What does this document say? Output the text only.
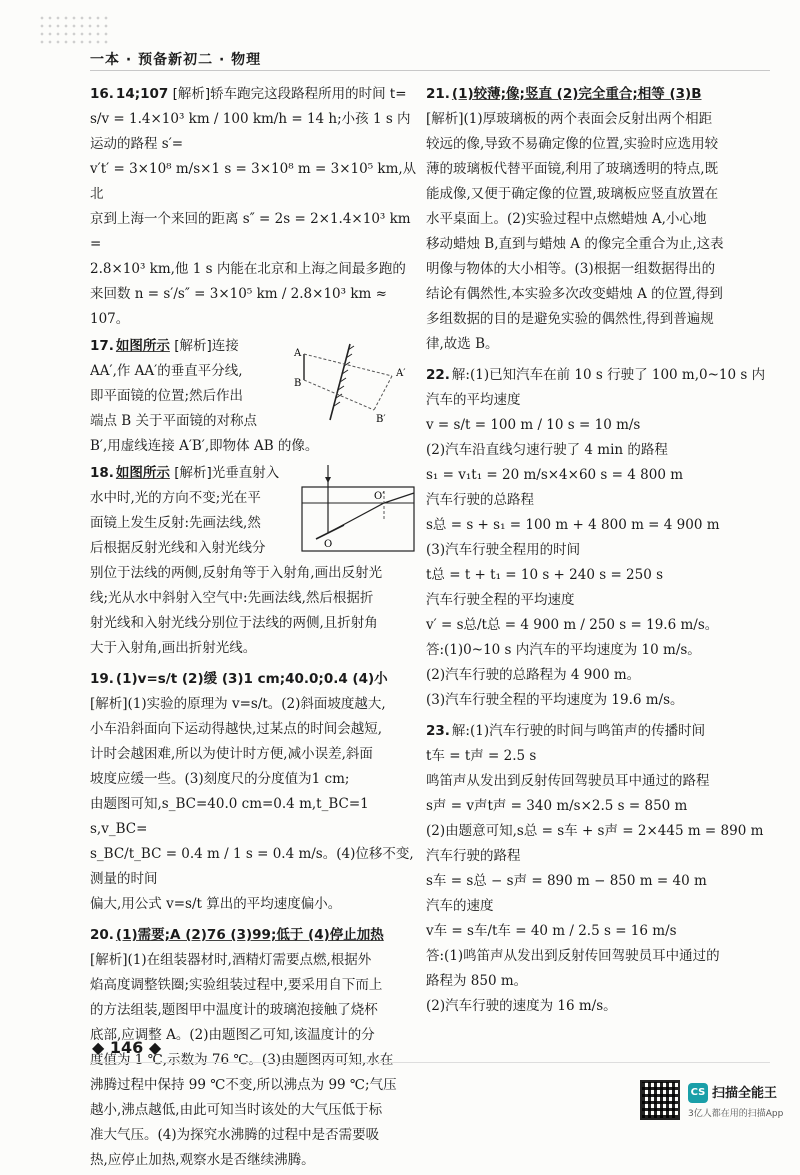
一本 · 预备新初二 · 物理

16. 14;107 [解析]轿车跑完这段路程所用的时间 t=

s/v = 1.4×10³ km / 100 km/h = 14 h;小孩 1 s 内运动的路程 s′=

v′t′ = 3×10⁸ m/s×1 s = 3×10⁸ m = 3×10⁵ km,从北

京到上海一个来回的距离 s″ = 2s = 2×1.4×10³ km =

2.8×10³ km,他 1 s 内能在北京和上海之间最多跑的

来回数 n = s′/s″ = 3×10⁵ km / 2.8×10³ km ≈ 107。

A
B
A′
B′

17. 如图所示 [解析]连接

AA′,作 AA′的垂直平分线,

即平面镜的位置;然后作出

端点 B 关于平面镜的对称点

B′,用虚线连接 A′B′,即物体 AB 的像。

O
O′

18. 如图所示 [解析]光垂直射入

水中时,光的方向不变;光在平

面镜上发生反射:先画法线,然

后根据反射光线和入射光线分

别位于法线的两侧,反射角等于入射角,画出反射光

线;光从水中斜射入空气中:先画法线,然后根据折

射光线和入射光线分别位于法线的两侧,且折射角

大于入射角,画出折射光线。

19. (1)v=s/t (2)缓 (3)1 cm;40.0;0.4 (4)小

[解析](1)实验的原理为 v=s/t。(2)斜面坡度越大,

小车沿斜面向下运动得越快,过某点的时间会越短,

计时会越困难,所以为使计时方便,减小误差,斜面

坡度应缓一些。(3)刻度尺的分度值为1 cm;

由题图可知,s_BC=40.0 cm=0.4 m,t_BC=1 s,v_BC=

s_BC/t_BC = 0.4 m / 1 s = 0.4 m/s。(4)位移不变,测量的时间

偏大,用公式 v=s/t 算出的平均速度偏小。

20. (1)需要;A (2)76 (3)99;低于 (4)停止加热

[解析](1)在组装器材时,酒精灯需要点燃,根据外

焰高度调整铁圈;实验组装过程中,要采用自下而上

的方法组装,题图甲中温度计的玻璃泡接触了烧杯

底部,应调整 A。(2)由题图乙可知,该温度计的分

度值为 1 ℃,示数为 76 ℃。(3)由题图丙可知,水在

沸腾过程中保持 99 ℃不变,所以沸点为 99 ℃;气压

越小,沸点越低,由此可知当时该处的大气压低于标

准大气压。(4)为探究水沸腾的过程中是否需要吸

热,应停止加热,观察水是否继续沸腾。

21. (1)较薄;像;竖直 (2)完全重合;相等 (3)B

[解析](1)厚玻璃板的两个表面会反射出两个相距

较远的像,导致不易确定像的位置,实验时应选用较

薄的玻璃板代替平面镜,利用了玻璃透明的特点,既

能成像,又便于确定像的位置,玻璃板应竖直放置在

水平桌面上。(2)实验过程中点燃蜡烛 A,小心地

移动蜡烛 B,直到与蜡烛 A 的像完全重合为止,这表

明像与物体的大小相等。(3)根据一组数据得出的

结论有偶然性,本实验多次改变蜡烛 A 的位置,得到

多组数据的目的是避免实验的偶然性,得到普遍规

律,故选 B。

22. 解:(1)已知汽车在前 10 s 行驶了 100 m,0~10 s 内

汽车的平均速度

v = s/t = 100 m / 10 s = 10 m/s

(2)汽车沿直线匀速行驶了 4 min 的路程

s₁ = v₁t₁ = 20 m/s×4×60 s = 4 800 m

汽车行驶的总路程

s总 = s + s₁ = 100 m + 4 800 m = 4 900 m

(3)汽车行驶全程用的时间

t总 = t + t₁ = 10 s + 240 s = 250 s

汽车行驶全程的平均速度

v′ = s总/t总 = 4 900 m / 250 s = 19.6 m/s。

答:(1)0~10 s 内汽车的平均速度为 10 m/s。

(2)汽车行驶的总路程为 4 900 m。

(3)汽车行驶全程的平均速度为 19.6 m/s。

23. 解:(1)汽车行驶的时间与鸣笛声的传播时间

t车 = t声 = 2.5 s

鸣笛声从发出到反射传回驾驶员耳中通过的路程

s声 = v声t声 = 340 m/s×2.5 s = 850 m

(2)由题意可知,s总 = s车 + s声 = 2×445 m = 890 m

汽车行驶的路程

s车 = s总 − s声 = 890 m − 850 m = 40 m

汽车的速度

v车 = s车/t车 = 40 m / 2.5 s = 16 m/s

答:(1)鸣笛声从发出到反射传回驾驶员耳中通过的

路程为 850 m。

(2)汽车行驶的速度为 16 m/s。

◆ 146 ◆
CS 扫描全能王
3亿人都在用的扫描App
